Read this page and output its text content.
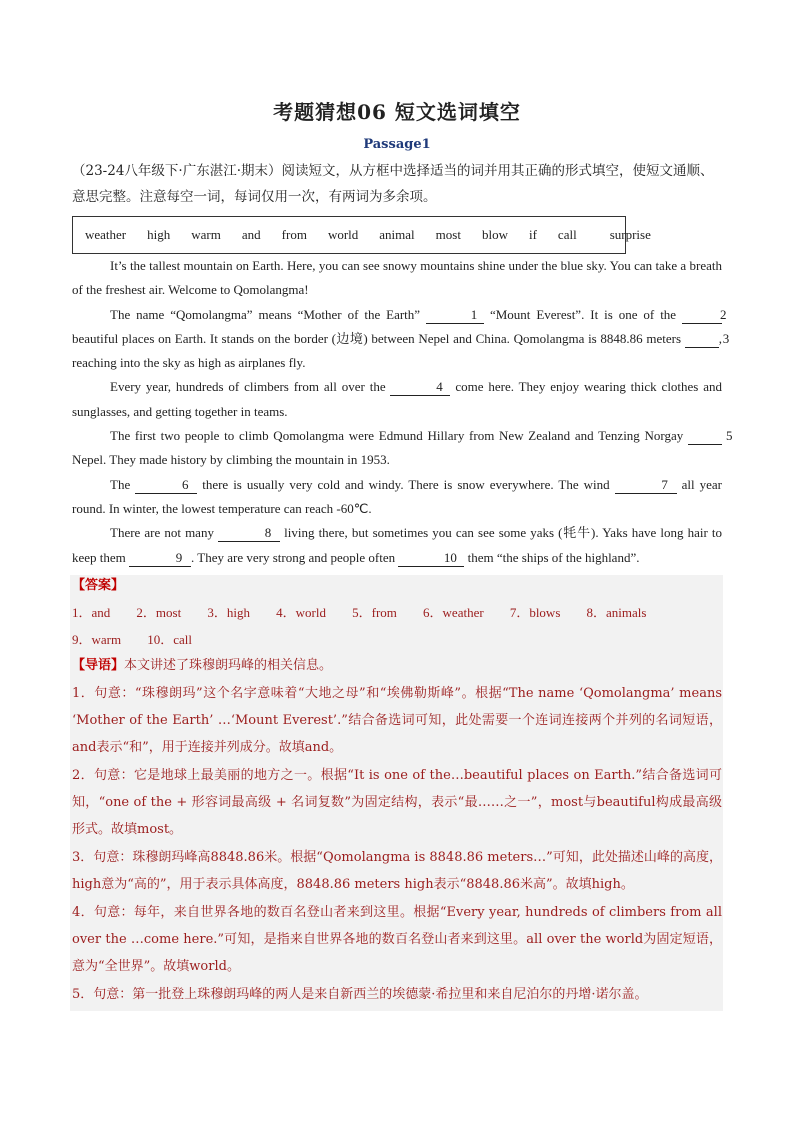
考题猜想06 短文选词填空
Passage1
（23-24八年级下·广东湛江·期末）阅读短文，从方框中选择适当的词并用其正确的形式填空，使短文通顺、意思完整。注意每空一词，每词仅用一次，有两词为多余项。
weather high warm and from world animal most blow if call	surprise

It’s the tallest mountain on Earth. Here, you can see snowy mountains shine under the blue sky. You can take a breath of the freshest air. Welcome to Qomolangma!

The name “Qomolangma” means “Mother of the Earth”	1 “Mount Everest”. It is one of the	2 beautiful places on Earth. It stands on the border (边境) between Nepel and China. Qomolangma is 8848.86 meters	3, reaching into the sky as high as airplanes fly.

Every year, hundreds of climbers from all over the	4 come here. They enjoy wearing thick clothes and sunglasses, and getting together in teams.

The first two people to climb Qomolangma were Edmund Hillary from New Zealand and Tenzing Norgay	5 Nepel. They made history by climbing the mountain in 1953.

The	6 there is usually very cold and windy. There is snow everywhere. The wind	7 all year round. In winter, the lowest temperature can reach -60℃.

There are not many	8 living there, but sometimes you can see some yaks (牦牛). Yaks have long hair to keep them	9 . They are very strong and people often	10 them “the ships of the highland”.

【答案】
1．and 2．most 3．high 4．world 5．from 6．weather 7．blows 8．animals
9．warm 10．call
【导语】本文讲述了珠穆朗玛峰的相关信息。
1．句意：“珠穆朗玛”这个名字意味着“大地之母”和“埃佛勒斯峰”。根据“The name ‘Qomolangma’ means ‘Mother of the Earth’ …‘Mount Everest’.”结合备选词可知，此处需要一个连词连接两个并列的名词短语，and表示“和”，用于连接并列成分。故填and。
2．句意：它是地球上最美丽的地方之一。根据“It is one of the…beautiful places on Earth.”结合备选词可知，“one of the + 形容词最高级 + 名词复数”为固定结构，表示“最……之一”，most与beautiful构成最高级形式。故填most。
3．句意：珠穆朗玛峰高8848.86米。根据“Qomolangma is 8848.86 meters…”可知，此处描述山峰的高度，high意为“高的”，用于表示具体高度，8848.86 meters high表示“8848.86米高”。故填high。
4．句意：每年，来自世界各地的数百名登山者来到这里。根据“Every year, hundreds of climbers from all over the …come here.”可知，是指来自世界各地的数百名登山者来到这里。all over the world为固定短语，意为“全世界”。故填world。
5．句意：第一批登上珠穆朗玛峰的两人是来自新西兰的埃德蒙·希拉里和来自尼泊尔的丹增·诺尔盖。
